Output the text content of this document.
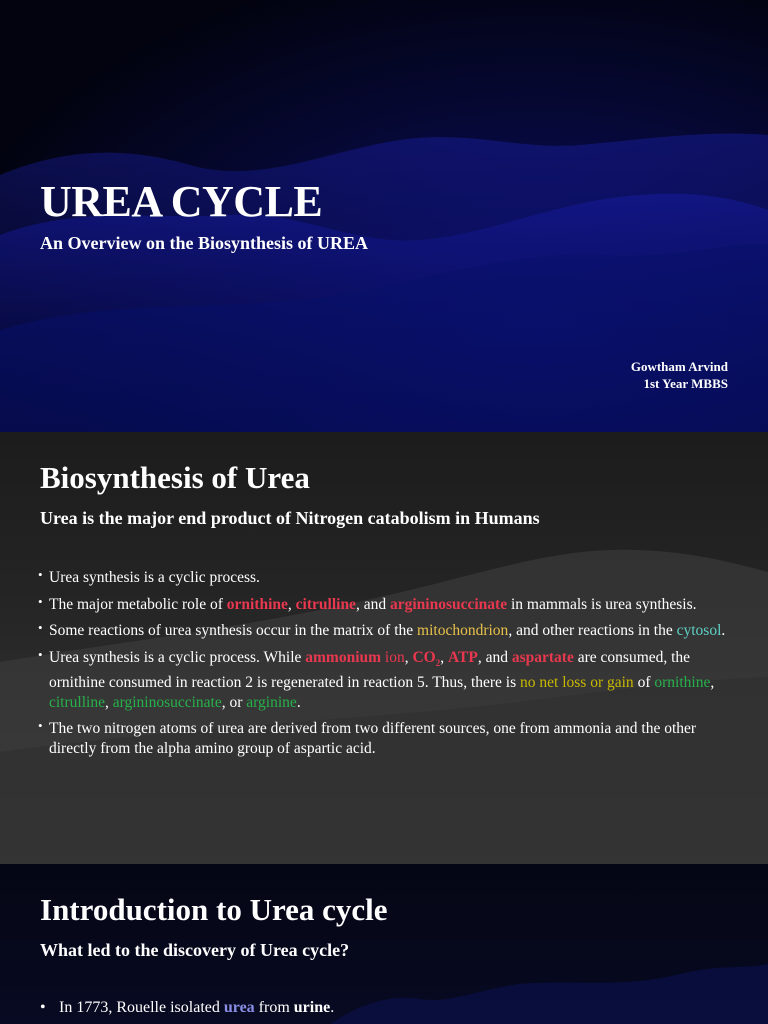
UREA CYCLE
An Overview on the Biosynthesis of UREA
Gowtham Arvind
1st Year MBBS
Biosynthesis of Urea
Urea is the major end product of Nitrogen catabolism in Humans
• Urea synthesis is a cyclic process.
• The major metabolic role of ornithine, citrulline, and argininosuccinate in mammals is urea synthesis.
• Some reactions of urea synthesis occur in the matrix of the mitochondrion, and other reactions in the cytosol.
• Urea synthesis is a cyclic process. While ammonium ion, $CO_2$, ATP, and aspartate are consumed, the ornithine consumed in reaction 2 is regenerated in reaction 5. Thus, there is no net loss or gain of ornithine, citrulline, argininosuccinate, or arginine.
• The two nitrogen atoms of urea are derived from two different sources, one from ammonia and the other directly from the alpha amino group of aspartic acid.
Introduction to Urea cycle
What led to the discovery of Urea cycle?
• In 1773, Rouelle isolated urea from urine.
